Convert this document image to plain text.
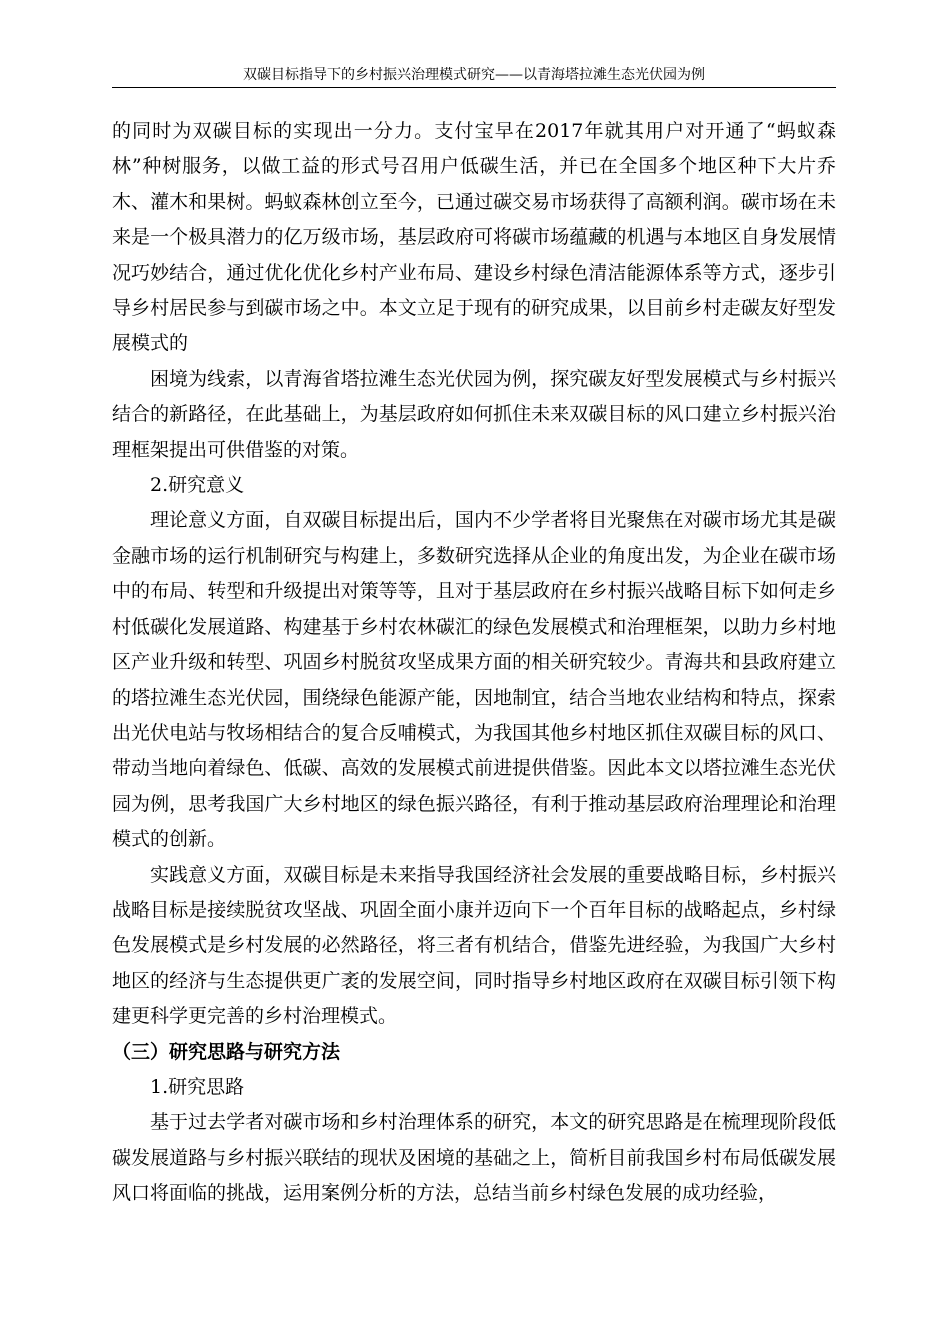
双碳目标指导下的乡村振兴治理模式研究——以青海塔拉滩生态光伏园为例

的同时为双碳目标的实现出一分力。支付宝早在2017年就其用户对开通了“蚂蚁森林”种树服务，以做工益的形式号召用户低碳生活，并已在全国多个地区种下大片乔木、灌木和果树。蚂蚁森林创立至今，已通过碳交易市场获得了高额利润。碳市场在未来是一个极具潜力的亿万级市场，基层政府可将碳市场蕴藏的机遇与本地区自身发展情况巧妙结合，通过优化优化乡村产业布局、建设乡村绿色清洁能源体系等方式，逐步引导乡村居民参与到碳市场之中。本文立足于现有的研究成果，以目前乡村走碳友好型发展模式的

困境为线索，以青海省塔拉滩生态光伏园为例，探究碳友好型发展模式与乡村振兴结合的新路径，在此基础上，为基层政府如何抓住未来双碳目标的风口建立乡村振兴治理框架提出可供借鉴的对策。

2.研究意义

理论意义方面，自双碳目标提出后，国内不少学者将目光聚焦在对碳市场尤其是碳金融市场的运行机制研究与构建上，多数研究选择从企业的角度出发，为企业在碳市场中的布局、转型和升级提出对策等等，且对于基层政府在乡村振兴战略目标下如何走乡村低碳化发展道路、构建基于乡村农林碳汇的绿色发展模式和治理框架，以助力乡村地区产业升级和转型、巩固乡村脱贫攻坚成果方面的相关研究较少。青海共和县政府建立的塔拉滩生态光伏园，围绕绿色能源产能，因地制宜，结合当地农业结构和特点，探索出光伏电站与牧场相结合的复合反哺模式，为我国其他乡村地区抓住双碳目标的风口、带动当地向着绿色、低碳、高效的发展模式前进提供借鉴。因此本文以塔拉滩生态光伏园为例，思考我国广大乡村地区的绿色振兴路径，有利于推动基层政府治理理论和治理模式的创新。

实践意义方面，双碳目标是未来指导我国经济社会发展的重要战略目标，乡村振兴战略目标是接续脱贫攻坚战、巩固全面小康并迈向下一个百年目标的战略起点，乡村绿色发展模式是乡村发展的必然路径，将三者有机结合，借鉴先进经验，为我国广大乡村地区的经济与生态提供更广袤的发展空间，同时指导乡村地区政府在双碳目标引领下构建更科学更完善的乡村治理模式。

（三）研究思路与研究方法

1.研究思路

基于过去学者对碳市场和乡村治理体系的研究，本文的研究思路是在梳理现阶段低碳发展道路与乡村振兴联结的现状及困境的基础之上，简析目前我国乡村布局低碳发展风口将面临的挑战，运用案例分析的方法，总结当前乡村绿色发展的成功经验，
